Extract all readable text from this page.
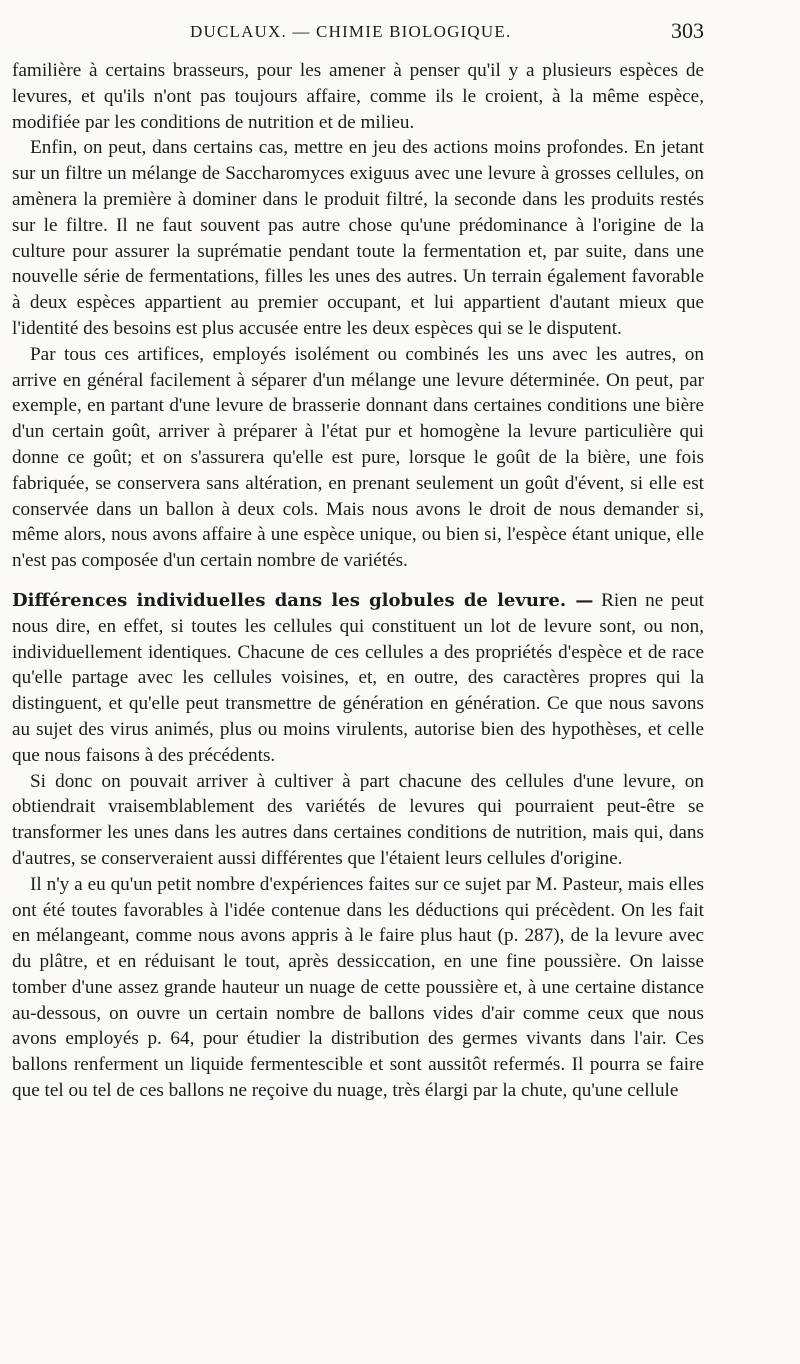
DUCLAUX. — CHIMIE BIOLOGIQUE.	303

familière à certains brasseurs, pour les amener à penser qu'il y a plusieurs espèces de levures, et qu'ils n'ont pas toujours affaire, comme ils le croient, à la même espèce, modifiée par les conditions de nutrition et de milieu.

Enfin, on peut, dans certains cas, mettre en jeu des actions moins profondes. En jetant sur un filtre un mélange de Saccharomyces exiguus avec une levure à grosses cellules, on amènera la première à dominer dans le produit filtré, la seconde dans les produits restés sur le filtre. Il ne faut souvent pas autre chose qu'une prédominance à l'origine de la culture pour assurer la suprématie pendant toute la fermentation et, par suite, dans une nouvelle série de fermentations, filles les unes des autres. Un terrain également favorable à deux espèces appartient au premier occupant, et lui appartient d'autant mieux que l'identité des besoins est plus accusée entre les deux espèces qui se le disputent.

Par tous ces artifices, employés isolément ou combinés les uns avec les autres, on arrive en général facilement à séparer d'un mélange une levure déterminée. On peut, par exemple, en partant d'une levure de brasserie donnant dans certaines conditions une bière d'un certain goût, arriver à préparer à l'état pur et homogène la levure particulière qui donne ce goût; et on s'assurera qu'elle est pure, lorsque le goût de la bière, une fois fabriquée, se conservera sans altération, en prenant seulement un goût d'évent, si elle est conservée dans un ballon à deux cols. Mais nous avons le droit de nous demander si, même alors, nous avons affaire à une espèce unique, ou bien si, l'espèce étant unique, elle n'est pas composée d'un certain nombre de variétés.

Différences individuelles dans les globules de levure. — Rien ne peut nous dire, en effet, si toutes les cellules qui constituent un lot de levure sont, ou non, individuellement identiques. Chacune de ces cellules a des propriétés d'espèce et de race qu'elle partage avec les cellules voisines, et, en outre, des caractères propres qui la distinguent, et qu'elle peut transmettre de génération en génération. Ce que nous savons au sujet des virus animés, plus ou moins virulents, autorise bien des hypothèses, et celle que nous faisons à des précédents.

Si donc on pouvait arriver à cultiver à part chacune des cellules d'une levure, on obtiendrait vraisemblablement des variétés de levures qui pourraient peut-être se transformer les unes dans les autres dans certaines conditions de nutrition, mais qui, dans d'autres, se conserveraient aussi différentes que l'étaient leurs cellules d'origine.

Il n'y a eu qu'un petit nombre d'expériences faites sur ce sujet par M. Pasteur, mais elles ont été toutes favorables à l'idée contenue dans les déductions qui précèdent. On les fait en mélangeant, comme nous avons appris à le faire plus haut (p. 287), de la levure avec du plâtre, et en réduisant le tout, après dessiccation, en une fine poussière. On laisse tomber d'une assez grande hauteur un nuage de cette poussière et, à une certaine distance au-dessous, on ouvre un certain nombre de ballons vides d'air comme ceux que nous avons employés p. 64, pour étudier la distribution des germes vivants dans l'air. Ces ballons renferment un liquide fermentescible et sont aussitôt refermés. Il pourra se faire que tel ou tel de ces ballons ne reçoive du nuage, très élargi par la chute, qu'une cellule
